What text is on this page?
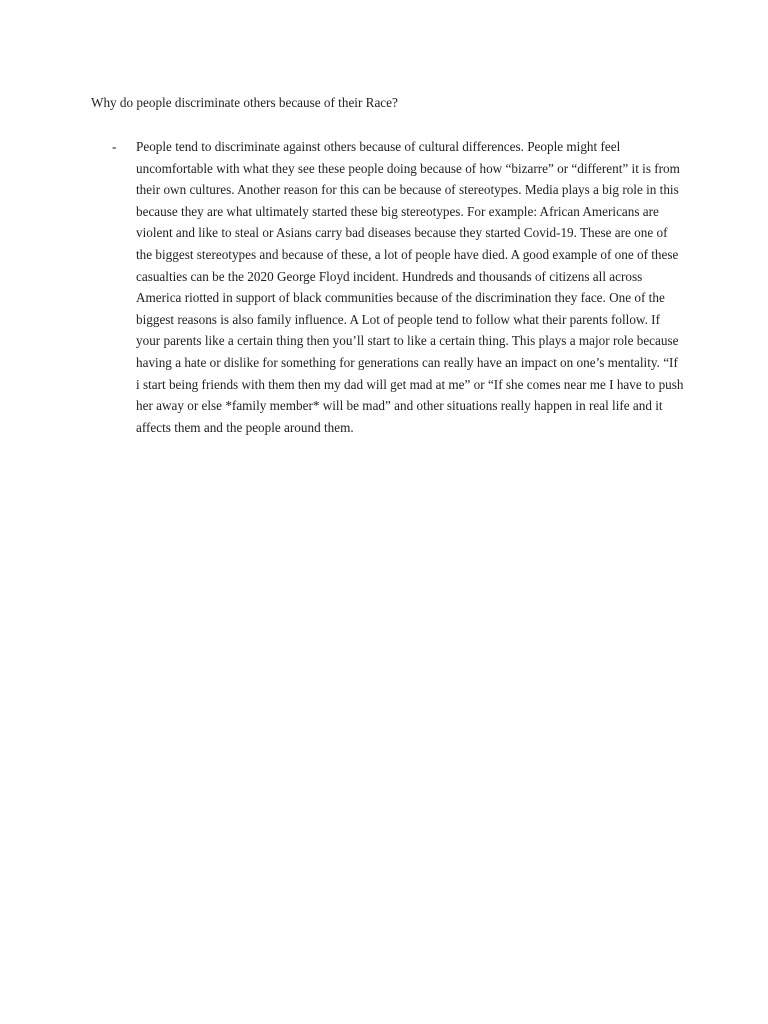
Why do people discriminate others because of their Race?

- People tend to discriminate against others because of cultural differences. People might feel uncomfortable with what they see these people doing because of how “bizarre” or “different” it is from their own cultures. Another reason for this can be because of stereotypes. Media plays a big role in this because they are what ultimately started these big stereotypes. For example: African Americans are violent and like to steal or Asians carry bad diseases because they started Covid-19. These are one of the biggest stereotypes and because of these, a lot of people have died. A good example of one of these casualties can be the 2020 George Floyd incident. Hundreds and thousands of citizens all across America riotted in support of black communities because of the discrimination they face. One of the biggest reasons is also family influence. A Lot of people tend to follow what their parents follow. If your parents like a certain thing then you’ll start to like a certain thing. This plays a major role because having a hate or dislike for something for generations can really have an impact on one’s mentality. “If i start being friends with them then my dad will get mad at me” or “If she comes near me I have to push her away or else *family member* will be mad” and other situations really happen in real life and it affects them and the people around them.
